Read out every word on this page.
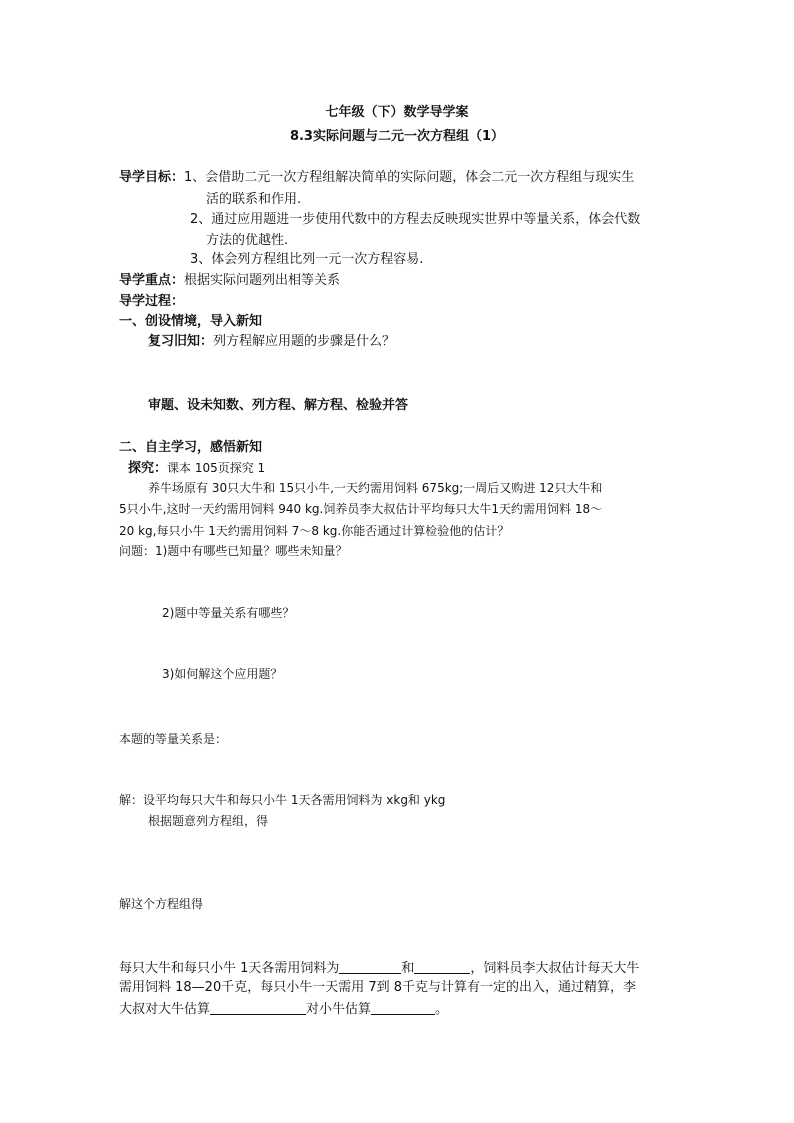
七年级（下）数学导学案
8.3实际问题与二元一次方程组（1）
导学目标：1、会借助二元一次方程组解决简单的实际问题，体会二元一次方程组与现实生
活的联系和作用.
2、通过应用题进一步使用代数中的方程去反映现实世界中等量关系，体会代数
方法的优越性.
3、体会列方程组比列一元一次方程容易.
导学重点：根据实际问题列出相等关系
导学过程：
一、创设情境，导入新知
复习旧知：列方程解应用题的步骤是什么？
审题、设未知数、列方程、解方程、检验并答
二、自主学习，感悟新知
探究：课本 105页探究 1
养牛场原有 30只大牛和 15只小牛,一天约需用饲料 675kg;一周后又购进 12只大牛和
5只小牛,这时一天约需用饲料 940 kg.饲养员李大叔估计平均每只大牛1天约需用饲料 18～
20 kg,每只小牛 1天约需用饲料 7～8 kg.你能否通过计算检验他的估计？
问题：1)题中有哪些已知量？哪些未知量？
2)题中等量关系有哪些？
3)如何解这个应用题？
本题的等量关系是：
解：设平均每只大牛和每只小牛 1天各需用饲料为 xkg和 ykg
根据题意列方程组，得
解这个方程组得
每只大牛和每只小牛 1天各需用饲料为	和	，饲料员李大叔估计每天大牛
需用饲料 18—20千克，每只小牛一天需用 7到 8千克与计算有一定的出入，通过精算，李
大叔对大牛估算	对小牛估算	。
